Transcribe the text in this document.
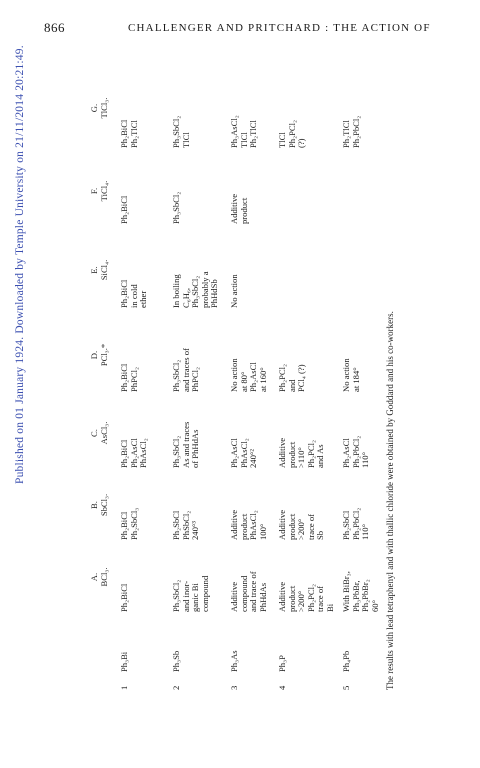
866	CHALLENGER AND PRITCHARD : THE ACTION OF
Published on 01 January 1924. Downloaded by Temple University on 21/11/2014 20:21:49.
A.
B.
C.
D.
E.
F.
G.
BCl₃.
SbCl₃.
AsCl₃.
PCl₃.*
SiCl₄.
TiCl₄.
TlCl₃.
1
Ph₃Bi
Ph₂BiCl
Ph₂BiCl
Ph₂SbCl₃
Ph₂BiCl
Ph₂AsCl
PhAsCl₂
Ph₂BiCl
PhPCl₂
Ph₂BiCl
in cold
ether
Ph₂BiCl
Ph₂BiCl
Ph₂TlCl
2
Ph₃Sb
Ph₃SbCl₂
and inor-
ganic Bi
compound
Ph₂SbCl
PhSbCl₂
240°³
Ph₃SbCl₂
As and traces
of PhHdAs
Ph₃SbCl₂
and traces of
PhPCl₂
In boiling
C₆H₆,
Ph₃SbCl₂
probably a
PhHdSb
Ph₃SbCl₂
Ph₃SbCl₂
TlCl
3
Ph₃As
Additive
compound
and trace of
PhHdAs
Additive
product
PhAsCl₂
100°
Ph₂AsCl
PhAsCl₂
240°²
No action
at 80°
Ph₂AsCl
at 160°
No action
Additive
product
Ph₃AsCl₂
TlCl
Ph₂TlCl
4
Ph₃P
Additive
product
>200°
Ph₂PCl₂
trace of
Bi
Additive
product
>200°
trace of
Sb
Additive
product
>110°
Ph₂PCl₂
and As
Ph₂PCl₂
and
PCl₄ (?)
TlCl
Ph₂PCl₂
(?)
5
Ph₄Pb
With BiBr₃,
Ph₃PbBr,
Ph₂PbBr₂
60°
Ph₂SbCl
Ph₂PbCl₂
110°
Ph₂AsCl
Ph₂PbCl₂
110°
No action
at 184°
Ph₂TlCl
Ph₂PbCl₂
The results with lead tetraphenyl and with thallic chloride were obtained by Goddard and his co-workers.
